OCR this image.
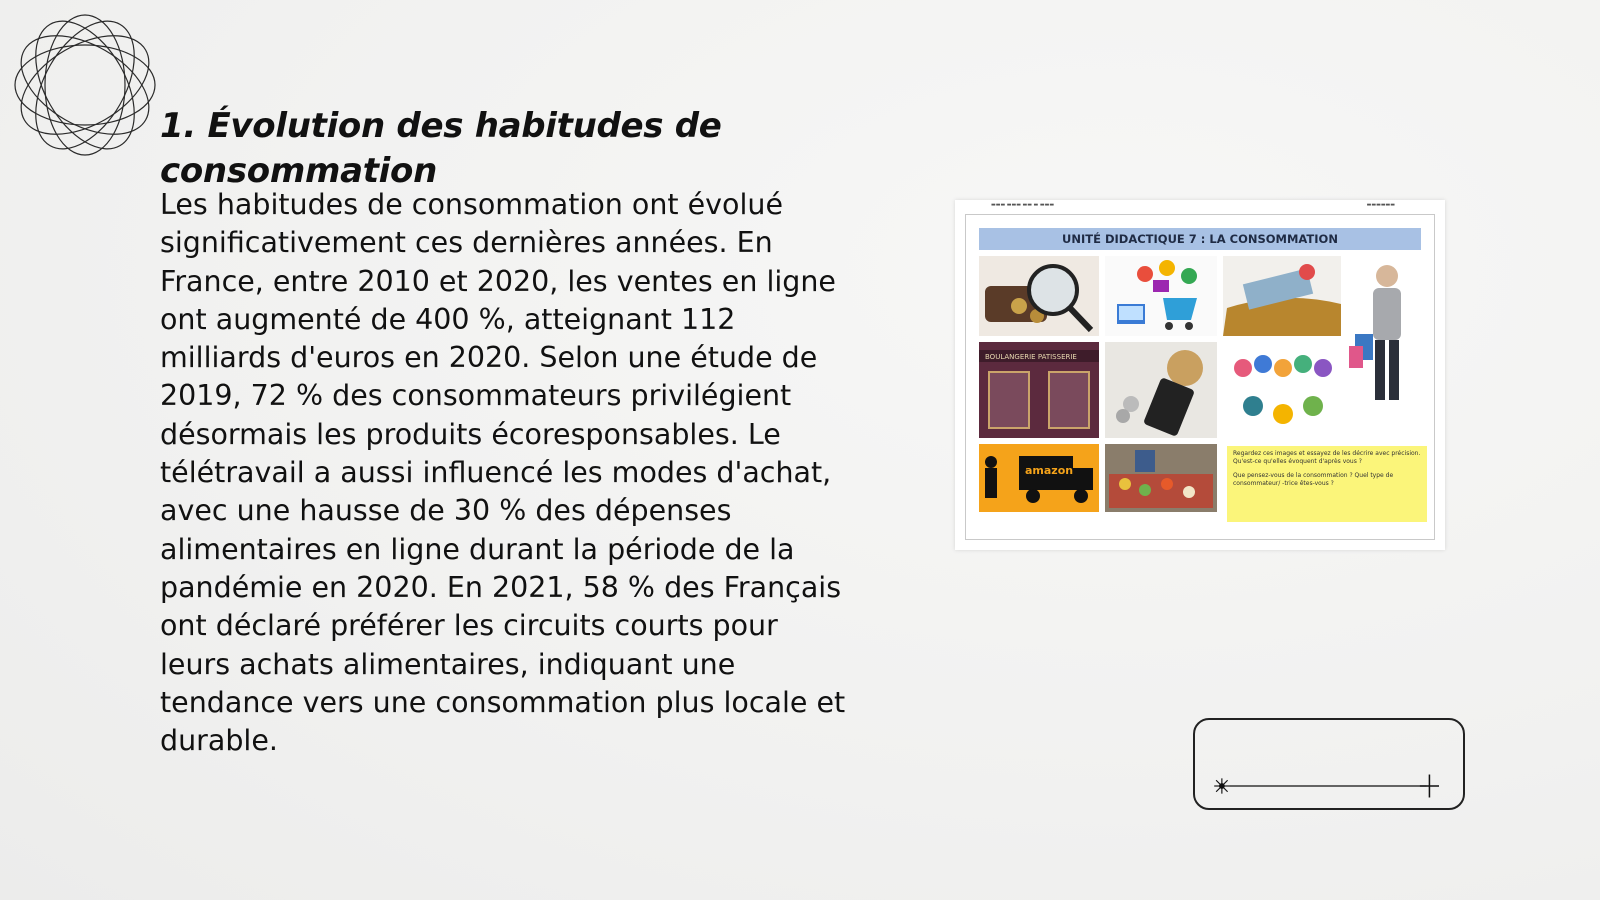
1. Évolution des habitudes de consommation

Les habitudes de consommation ont évolué significativement ces dernières années. En France, entre 2010 et 2020, les ventes en ligne ont augmenté de 400 %, atteignant 112 milliards d'euros en 2020. Selon une étude de 2019, 72 % des consommateurs privilégient désormais les produits écoresponsables. Le télétravail a aussi influencé les modes d'achat, avec une hausse de 30 % des dépenses alimentaires en ligne durant la période de la pandémie en 2020. En 2021, 58 % des Français ont déclaré préférer les circuits courts pour leurs achats alimentaires, indiquant une tendance vers une consommation plus locale et durable.

▬▬▬ ▬▬▬ ▬▬ ▬ ▬▬▬	▬▬▬▬▬▬
UNITÉ DIDACTIQUE 7 : LA CONSOMMATION
BOULANGERIE PATISSERIE
amazon

Regardez ces images et essayez de les décrire avec précision. Qu'est-ce qu'elles évoquent d'après vous ?

Que pensez-vous de la consommation ? Quel type de consommateur/ -trice êtes-vous ?
